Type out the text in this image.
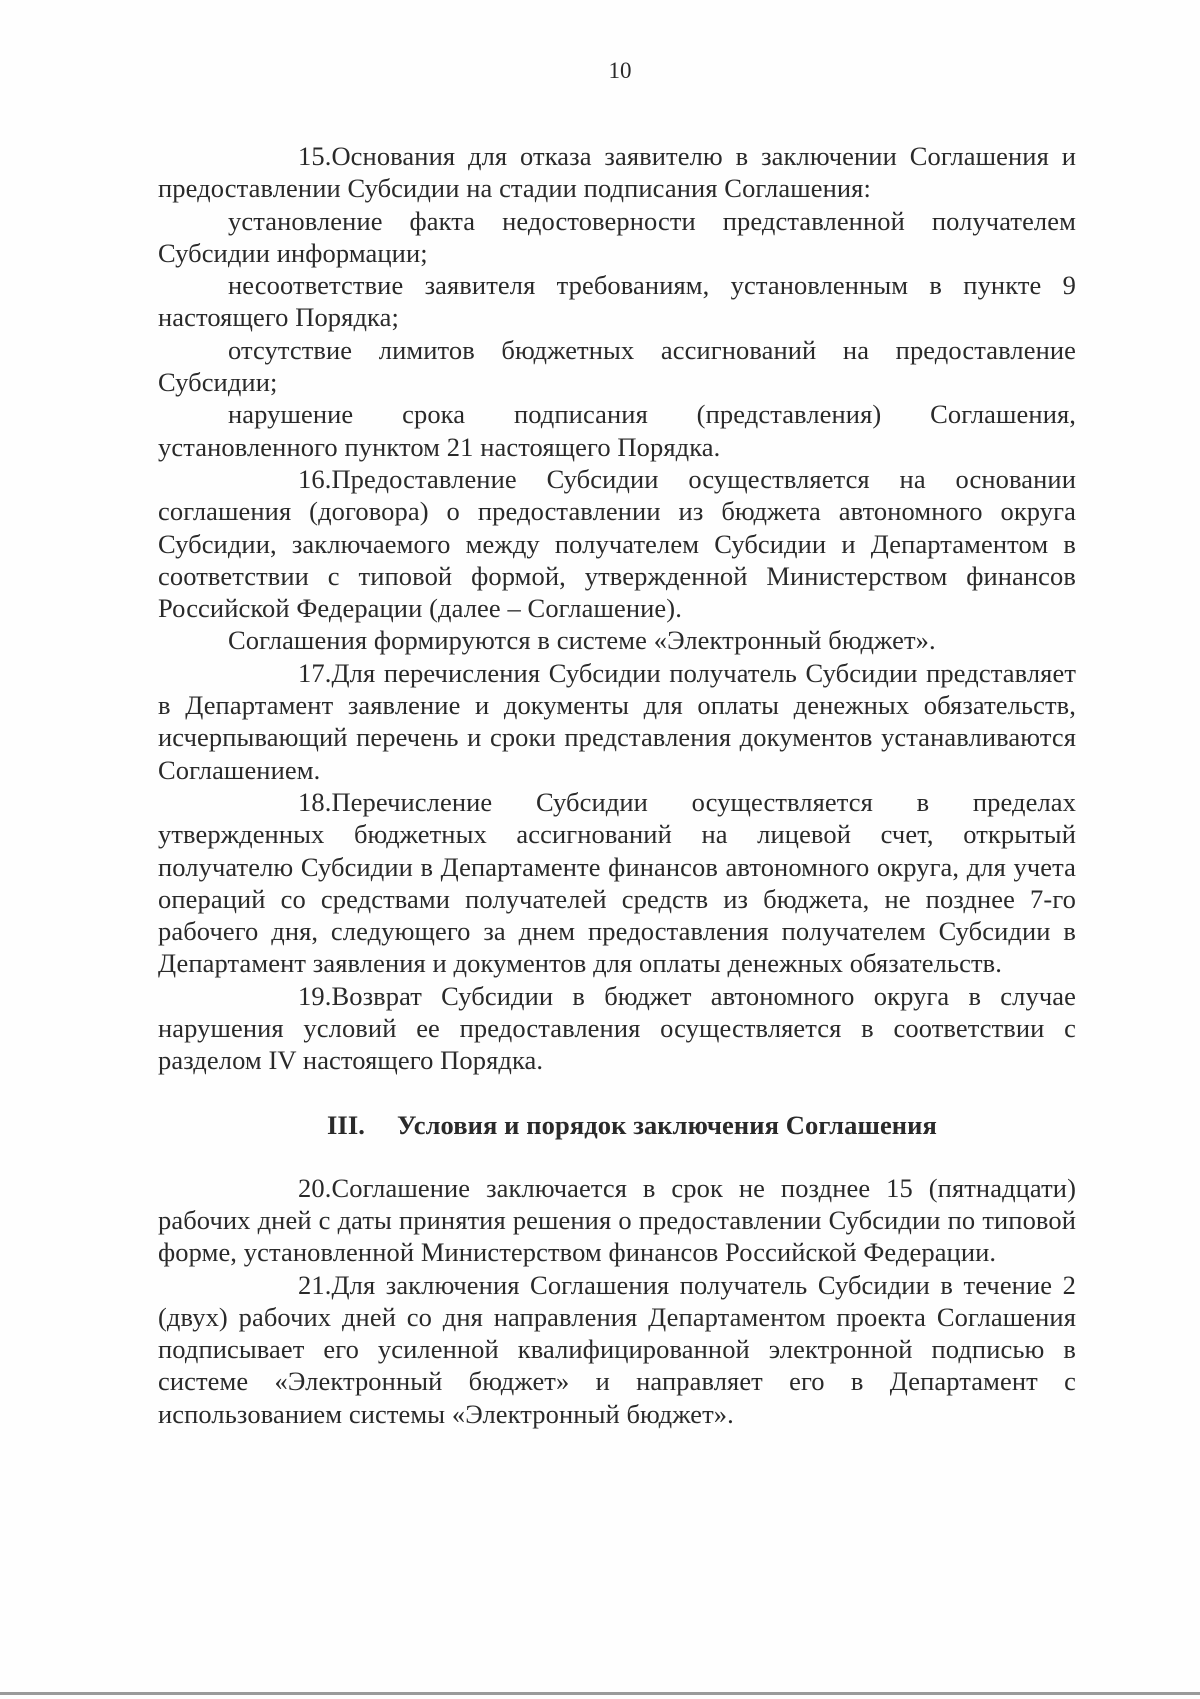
10

15.Основания для отказа заявителю в заключении Соглашения и предоставлении Субсидии на стадии подписания Соглашения:

установление факта недостоверности представленной получателем Субсидии информации;

несоответствие заявителя требованиям, установленным в пункте 9 настоящего Порядка;

отсутствие лимитов бюджетных ассигнований на предоставление Субсидии;

нарушение срока подписания (представления) Соглашения, установленного пунктом 21 настоящего Порядка.

16.Предоставление Субсидии осуществляется на основании соглашения (договора) о предоставлении из бюджета автономного округа Субсидии, заключаемого между получателем Субсидии и Департаментом в соответствии с типовой формой, утвержденной Министерством финансов Российской Федерации (далее – Соглашение).

Соглашения формируются в системе «Электронный бюджет».

17.Для перечисления Субсидии получатель Субсидии представляет в Департамент заявление и документы для оплаты денежных обязательств, исчерпывающий перечень и сроки представления документов устанавливаются Соглашением.

18.Перечисление Субсидии осуществляется в пределах утвержденных бюджетных ассигнований на лицевой счет, открытый получателю Субсидии в Департаменте финансов автономного округа, для учета операций со средствами получателей средств из бюджета, не позднее 7-го рабочего дня, следующего за днем предоставления получателем Субсидии в Департамент заявления и документов для оплаты денежных обязательств.

19.Возврат Субсидии в бюджет автономного округа в случае нарушения условий ее предоставления осуществляется в соответствии с разделом IV настоящего Порядка.

III. Условия и порядок заключения Соглашения

20.Соглашение заключается в срок не позднее 15 (пятнадцати) рабочих дней с даты принятия решения о предоставлении Субсидии по типовой форме, установленной Министерством финансов Российской Федерации.

21.Для заключения Соглашения получатель Субсидии в течение 2 (двух) рабочих дней со дня направления Департаментом проекта Соглашения подписывает его усиленной квалифицированной электронной подписью в системе «Электронный бюджет» и направляет его в Департамент с использованием системы «Электронный бюджет».
